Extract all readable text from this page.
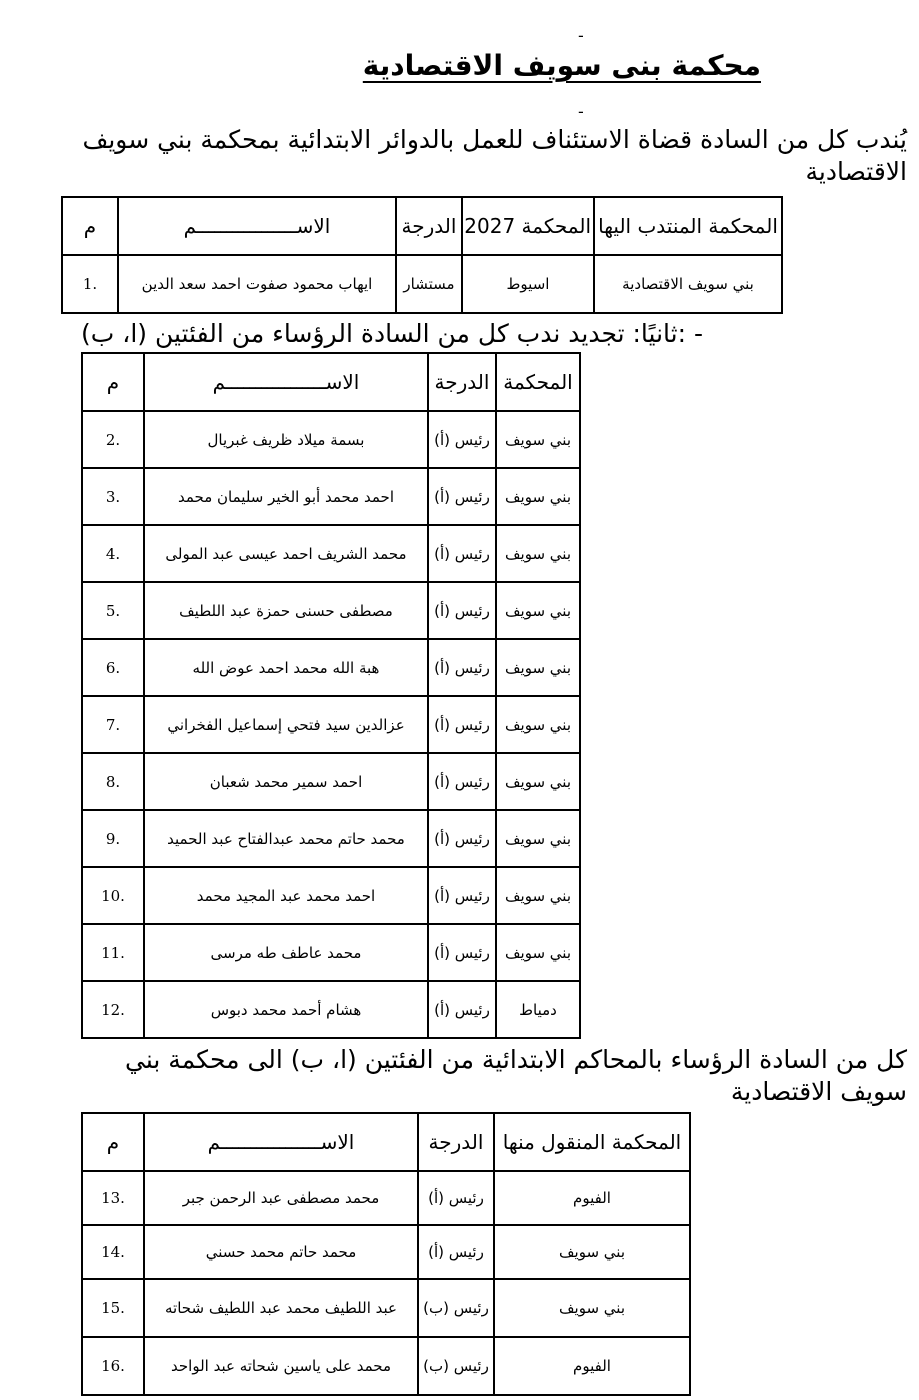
-
محكمة بنى سويف الاقتصادية
-
يُندب كل من السادة قضاة الاستئناف للعمل بالدوائر الابتدائية بمحكمة بني سويف الاقتصادية
المحكمة المنتدب اليها	المحكمة 2027	الدرجة	الاســـــــــــــــــم	م
بني سويف الاقتصادية	اسيوط	مستشار	ايهاب محمود صفوت احمد سعد الدين	1.
- :ثانيًا: تجديد ندب كل من السادة الرؤساء من الفئتين (ا، ب)
المحكمة	الدرجة	الاســـــــــــــــــم	م
بني سويف	رئيس (أ)	بسمة ميلاد ظريف غبريال	2.
بني سويف	رئيس (أ)	احمد محمد أبو الخير سليمان محمد	3.
بني سويف	رئيس (أ)	محمد الشريف احمد عيسى عبد المولى	4.
بني سويف	رئيس (أ)	مصطفى حسنى حمزة عبد اللطيف	5.
بني سويف	رئيس (أ)	هبة الله محمد احمد عوض الله	6.
بني سويف	رئيس (أ)	عزالدين سيد فتحي إسماعيل الفخراني	7.
بني سويف	رئيس (أ)	احمد سمير محمد شعبان	8.
بني سويف	رئيس (أ)	محمد حاتم محمد عبدالفتاح عبد الحميد	9.
بني سويف	رئيس (أ)	احمد محمد عبد المجيد محمد	10.
بني سويف	رئيس (أ)	محمد عاطف طه مرسى	11.
دمياط	رئيس (أ)	هشام أحمد محمد دبوس	12.
كل من السادة الرؤساء بالمحاكم الابتدائية من الفئتين (ا، ب) الى محكمة بني سويف الاقتصادية
المحكمة المنقول منها	الدرجة	الاســـــــــــــــــم	م
الفيوم	رئيس (أ)	محمد مصطفى عبد الرحمن جبر	13.
بني سويف	رئيس (أ)	محمد حاتم محمد حسني	14.
بني سويف	رئيس (ب)	عبد اللطيف محمد عبد اللطيف شحاته	15.
الفيوم	رئيس (ب)	محمد على ياسين شحاته عبد الواحد	16.
